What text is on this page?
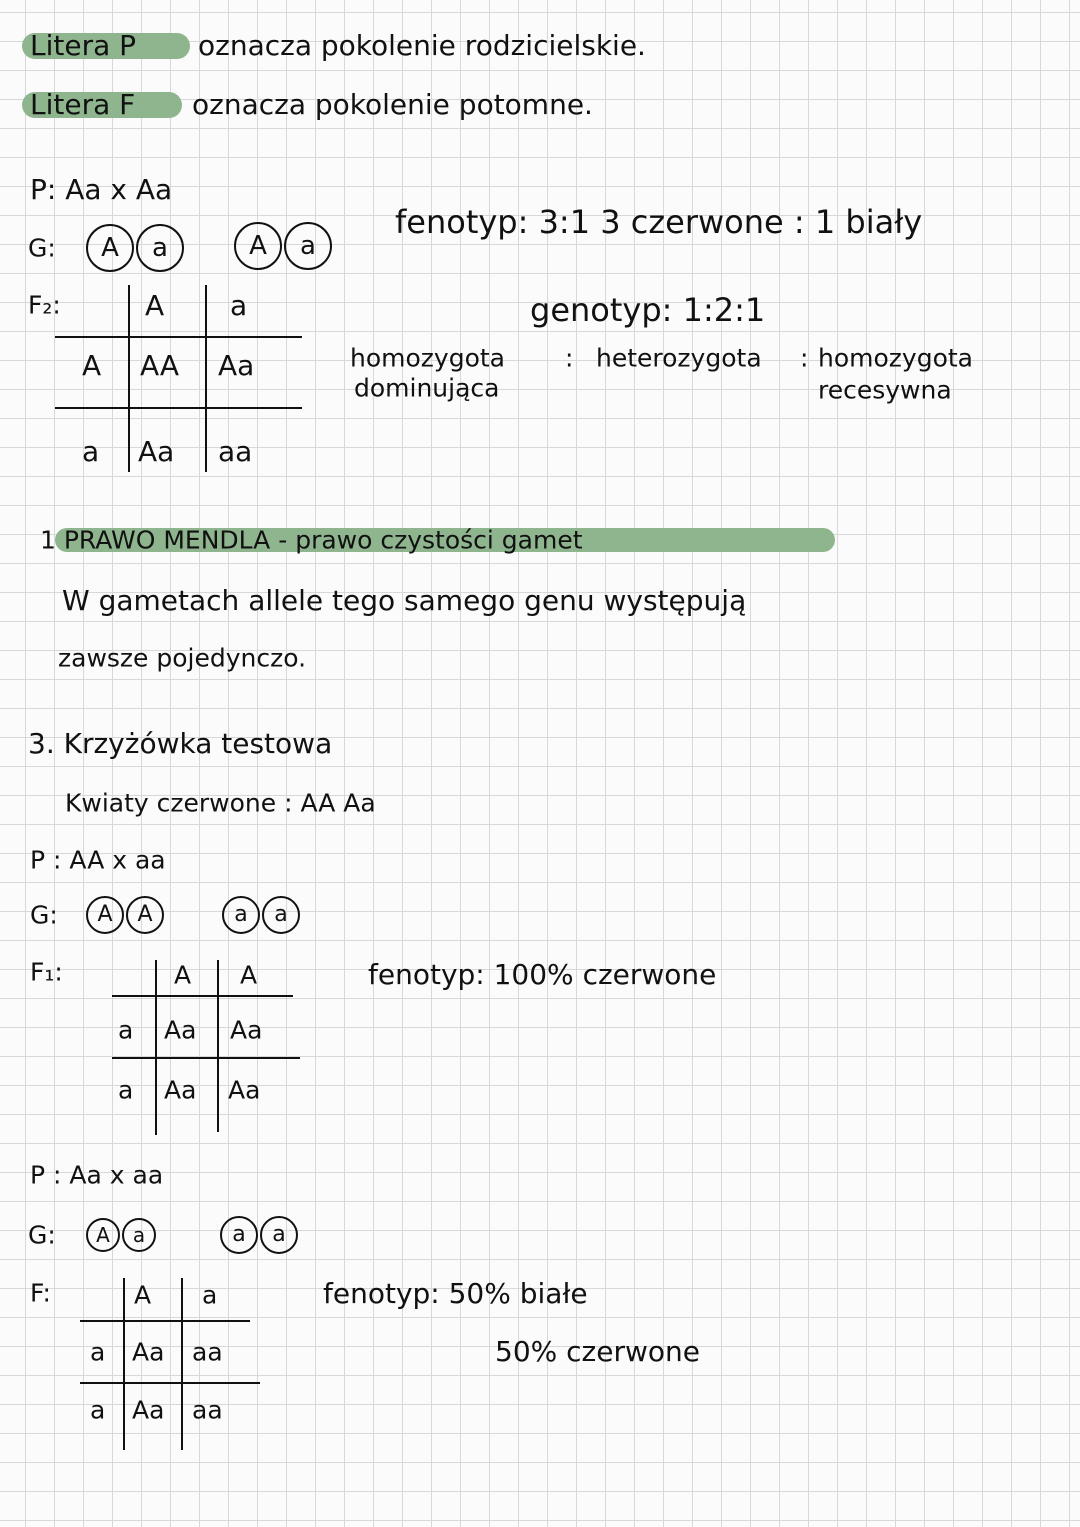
Litera P oznacza pokolenie rodzicielskie.
Litera F oznacza pokolenie potomne.
P: Aa x Aa
G:	A a	A a
fenotyp: 3:1 3 czerwone : 1 biały
F₂:	A a
A AA Aa
a Aa aa
genotyp: 1:2:1
homozygota
dominująca
: heterozygota : homozygota
recesywna
1 PRAWO MENDLA - prawo czystości gamet
W gametach allele tego samego genu występują
zawsze pojedynczo.
3. Krzyżówka testowa
Kwiaty czerwone : AA Aa
P : AA x aa
G:	A A	a a
F₁:	A A
a Aa Aa
a Aa Aa
fenotyp: 100% czerwone
P : Aa x aa
G:	A a	a a
F:	A a
a Aa aa
a Aa aa
fenotyp: 50% białe
50% czerwone
